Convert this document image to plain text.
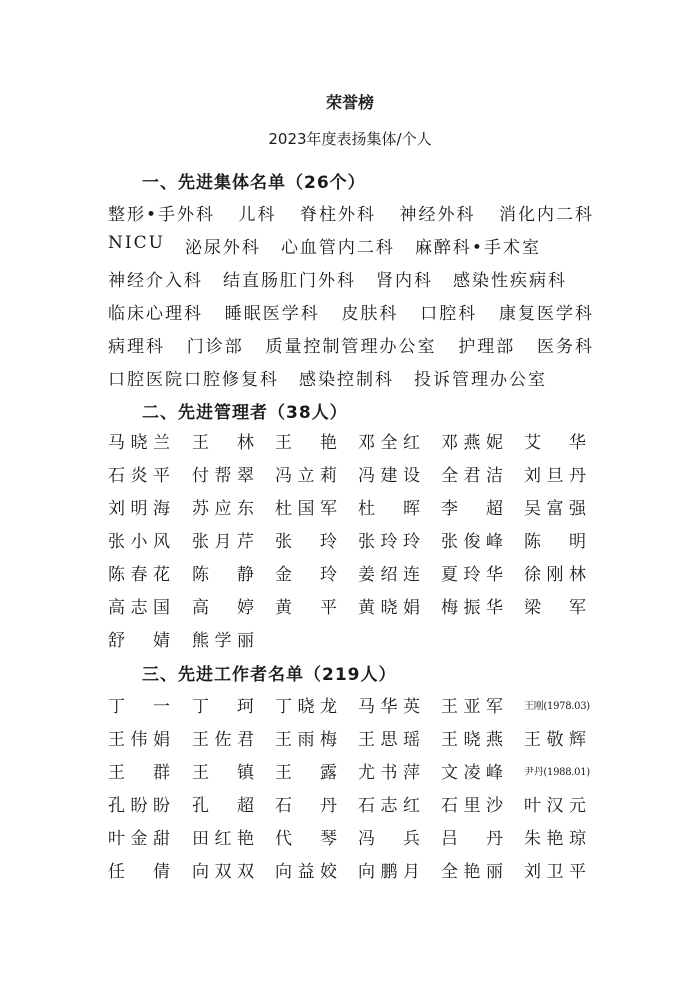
荣誉榜
2023年度表扬集体/个人
一、先进集体名单（26个）
整形•手外科 儿科 脊柱外科 神经外科 消化内二科
NICU 泌尿外科 心血管内二科 麻醉科•手术室
神经介入科 结直肠肛门外科 肾内科 感染性疾病科
临床心理科 睡眠医学科 皮肤科 口腔科 康复医学科
病理科 门诊部 质量控制管理办公室 护理部 医务科
口腔医院口腔修复科 感染控制科 投诉管理办公室
二、先进管理者（38人）
马 晓 兰 王 林 王 艳 邓 全 红 邓 燕 妮 艾 华
石 炎 平 付 帮 翠 冯 立 莉 冯 建 设 全 君 洁 刘 旦 丹
刘 明 海 苏 应 东 杜 国 军 杜 晖 李 超 吴 富 强
张 小 风 张 月 芹 张 玲 张 玲 玲 张 俊 峰 陈 明
陈 春 花 陈 静 金 玲 姜 绍 连 夏 玲 华 徐 刚 林
高 志 国 高 婷 黄 平 黄 晓 娟 梅 振 华 梁 军
舒 婧 熊 学 丽
三、先进工作者名单（219人）
丁 一 丁 珂 丁 晓 龙 马 华 英 王 亚 军 王刚(1978.03)
王 伟 娟 王 佐 君 王 雨 梅 王 思 瑶 王 晓 燕 王 敬 辉
王 群 王 镇 王 露 尤 书 萍 文 凌 峰 尹丹(1988.01)
孔 盼 盼 孔 超 石 丹 石 志 红 石 里 沙 叶 汉 元
叶 金 甜 田 红 艳 代 琴 冯 兵 吕 丹 朱 艳 琼
任 倩 向 双 双 向 益 姣 向 鹏 月 全 艳 丽 刘 卫 平
